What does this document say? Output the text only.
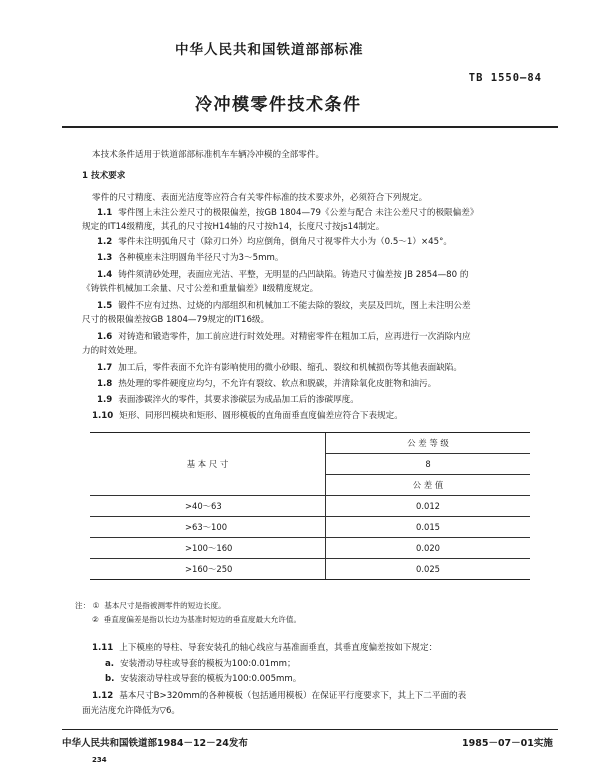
中华人民共和国铁道部部标准
TB 1550—84
冷冲模零件技术条件
本技术条件适用于铁道部部标准机车车辆冷冲模的全部零件。
1 技术要求
零件的尺寸精度、表面光洁度等应符合有关零件标准的技术要求外，必须符合下列规定。
1.1 零件图上未注公差尺寸的极限偏差，按GB 1804—79《公差与配合 未注公差尺寸的极限偏差》
规定的IT14级精度，其孔的尺寸按H14轴的尺寸按h14，长度尺寸按js14制定。
1.2 零件未注明弧角尺寸（除刃口外）均应倒角，倒角尺寸视零件大小为（0.5～1）×45°。
1.3 各种模座未注明圆角半径尺寸为3～5mm。
1.4 铸件须清砂处理，表面应光洁、平整，无明显的凸凹缺陷。铸造尺寸偏差按 JB 2854—80 的
《铸铁件机械加工余量、尺寸公差和重量偏差》Ⅱ级精度规定。
1.5 锻件不应有过热、过烧的内部组织和机械加工不能去除的裂纹，夹层及凹坑，图上未注明公差
尺寸的极限偏差按GB 1804—79规定的IT16级。
1.6 对铸造和锻造零件，加工前应进行时效处理。对精密零件在粗加工后，应再进行一次消除内应
力的时效处理。
1.7 加工后，零件表面不允许有影响使用的微小砂眼、缩孔、裂纹和机械损伤等其他表面缺陷。
1.8 热处理的零件硬度应均匀，不允许有裂纹、软点和脱碳，并清除氧化皮脏物和油污。
1.9 表面渗碳淬火的零件，其要求渗碳层为成品加工后的渗碳厚度。
1.10 矩形、同形凹模块和矩形、圆形模板的直角面垂直度偏差应符合下表规定。
基 本 尺 寸	公 差 等 级
	8
	公 差 值
>40～63	0.012
>63～100	0.015
>100～160	0.020
>160～250	0.025
注： ① 基本尺寸是指被测零件的短边长度。
② 垂直度偏差是指以长边为基准时短边的垂直度最大允许值。
1.11 上下模座的导柱、导套安装孔的轴心线应与基准面垂直，其垂直度偏差按如下规定：
a. 安装滑动导柱或导套的模板为100:0.01mm；
b. 安装滚动导柱或导套的模板为100:0.005mm。
1.12 基本尺寸B>320mm的各种模板（包括通用模板）在保证平行度要求下，其上下二平面的表
面光洁度允许降低为▽6。
中华人民共和国铁道部1984－12－24发布	1985－07－01实施
234
